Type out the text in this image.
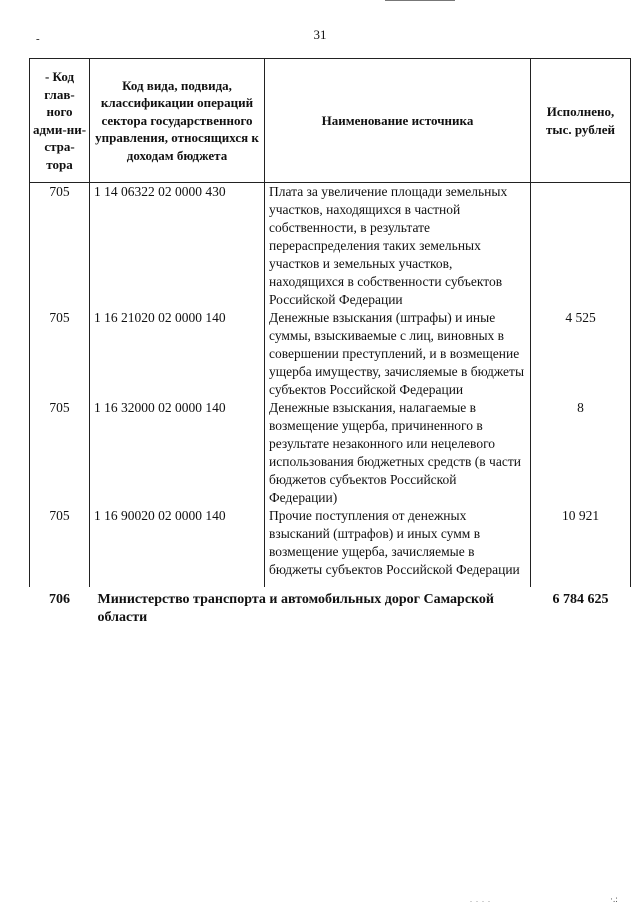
31
-
- Код глав-ного адми-ни-стра-тора	Код вида, подвида, классификации операций сектора государственного управления, относящихся к доходам бюджета	Наименование источника	Исполнено, тыс. рублей
705	1 14 06322 02 0000 430	Плата за увеличение площади земельных участков, находящихся в частной собственности, в результате перераспределения таких земельных участков и земельных участков, находящихся в собственности субъектов Российской Федерации	
705	1 16 21020 02 0000 140	Денежные взыскания (штрафы) и иные суммы, взыскиваемые с лиц, виновных в совершении преступлений, и в возмещение ущерба имуществу, зачисляемые в бюджеты субъектов Российской Федерации	4 525
705	1 16 32000 02 0000 140	Денежные взыскания, налагаемые в возмещение ущерба, причиненного в результате незаконного или нецелевого использования бюджетных средств (в части бюджетов субъектов Российской Федерации)	8
705	1 16 90020 02 0000 140	Прочие поступления от денежных взысканий (штрафов) и иных сумм в возмещение ущерба, зачисляемые в бюджеты субъектов Российской Федерации	10 921
706	Министерство транспорта и автомобильных дорог Самарской области		6 784 625
. . . .	·.:
